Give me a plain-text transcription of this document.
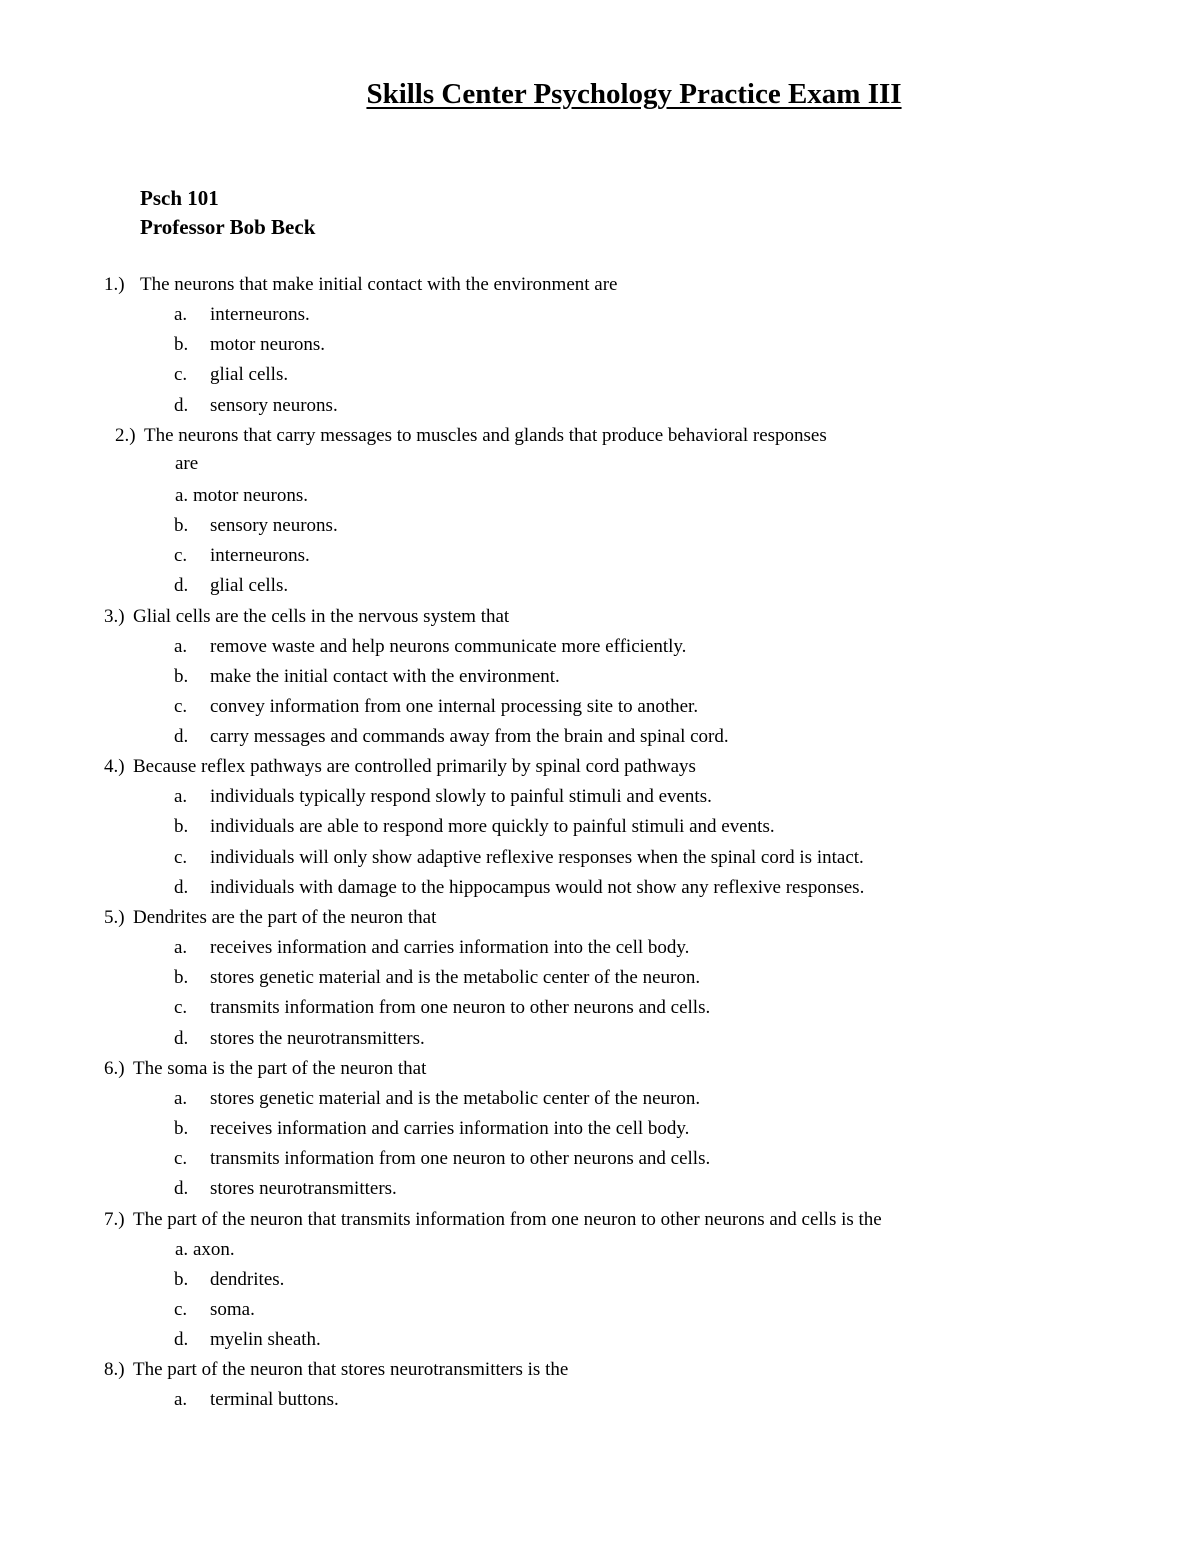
Skills Center Psychology Practice Exam III
Psch 101
Professor Bob Beck
1.) The neurons that make initial contact with the environment are
a. interneurons.
b. motor neurons.
c. glial cells.
d. sensory neurons.
2.) The neurons that carry messages to muscles and glands that produce behavioral responses
are
a. motor neurons.
b. sensory neurons.
c. interneurons.
d. glial cells.
3.) Glial cells are the cells in the nervous system that
a. remove waste and help neurons communicate more efficiently.
b. make the initial contact with the environment.
c. convey information from one internal processing site to another.
d. carry messages and commands away from the brain and spinal cord.
4.) Because reflex pathways are controlled primarily by spinal cord pathways
a. individuals typically respond slowly to painful stimuli and events.
b. individuals are able to respond more quickly to painful stimuli and events.
c. individuals will only show adaptive reflexive responses when the spinal cord is intact.
d. individuals with damage to the hippocampus would not show any reflexive responses.
5.) Dendrites are the part of the neuron that
a. receives information and carries information into the cell body.
b. stores genetic material and is the metabolic center of the neuron.
c. transmits information from one neuron to other neurons and cells.
d. stores the neurotransmitters.
6.) The soma is the part of the neuron that
a. stores genetic material and is the metabolic center of the neuron.
b. receives information and carries information into the cell body.
c. transmits information from one neuron to other neurons and cells.
d. stores neurotransmitters.
7.) The part of the neuron that transmits information from one neuron to other neurons and cells is the
a. axon.
b. dendrites.
c. soma.
d. myelin sheath.
8.) The part of the neuron that stores neurotransmitters is the
a. terminal buttons.
